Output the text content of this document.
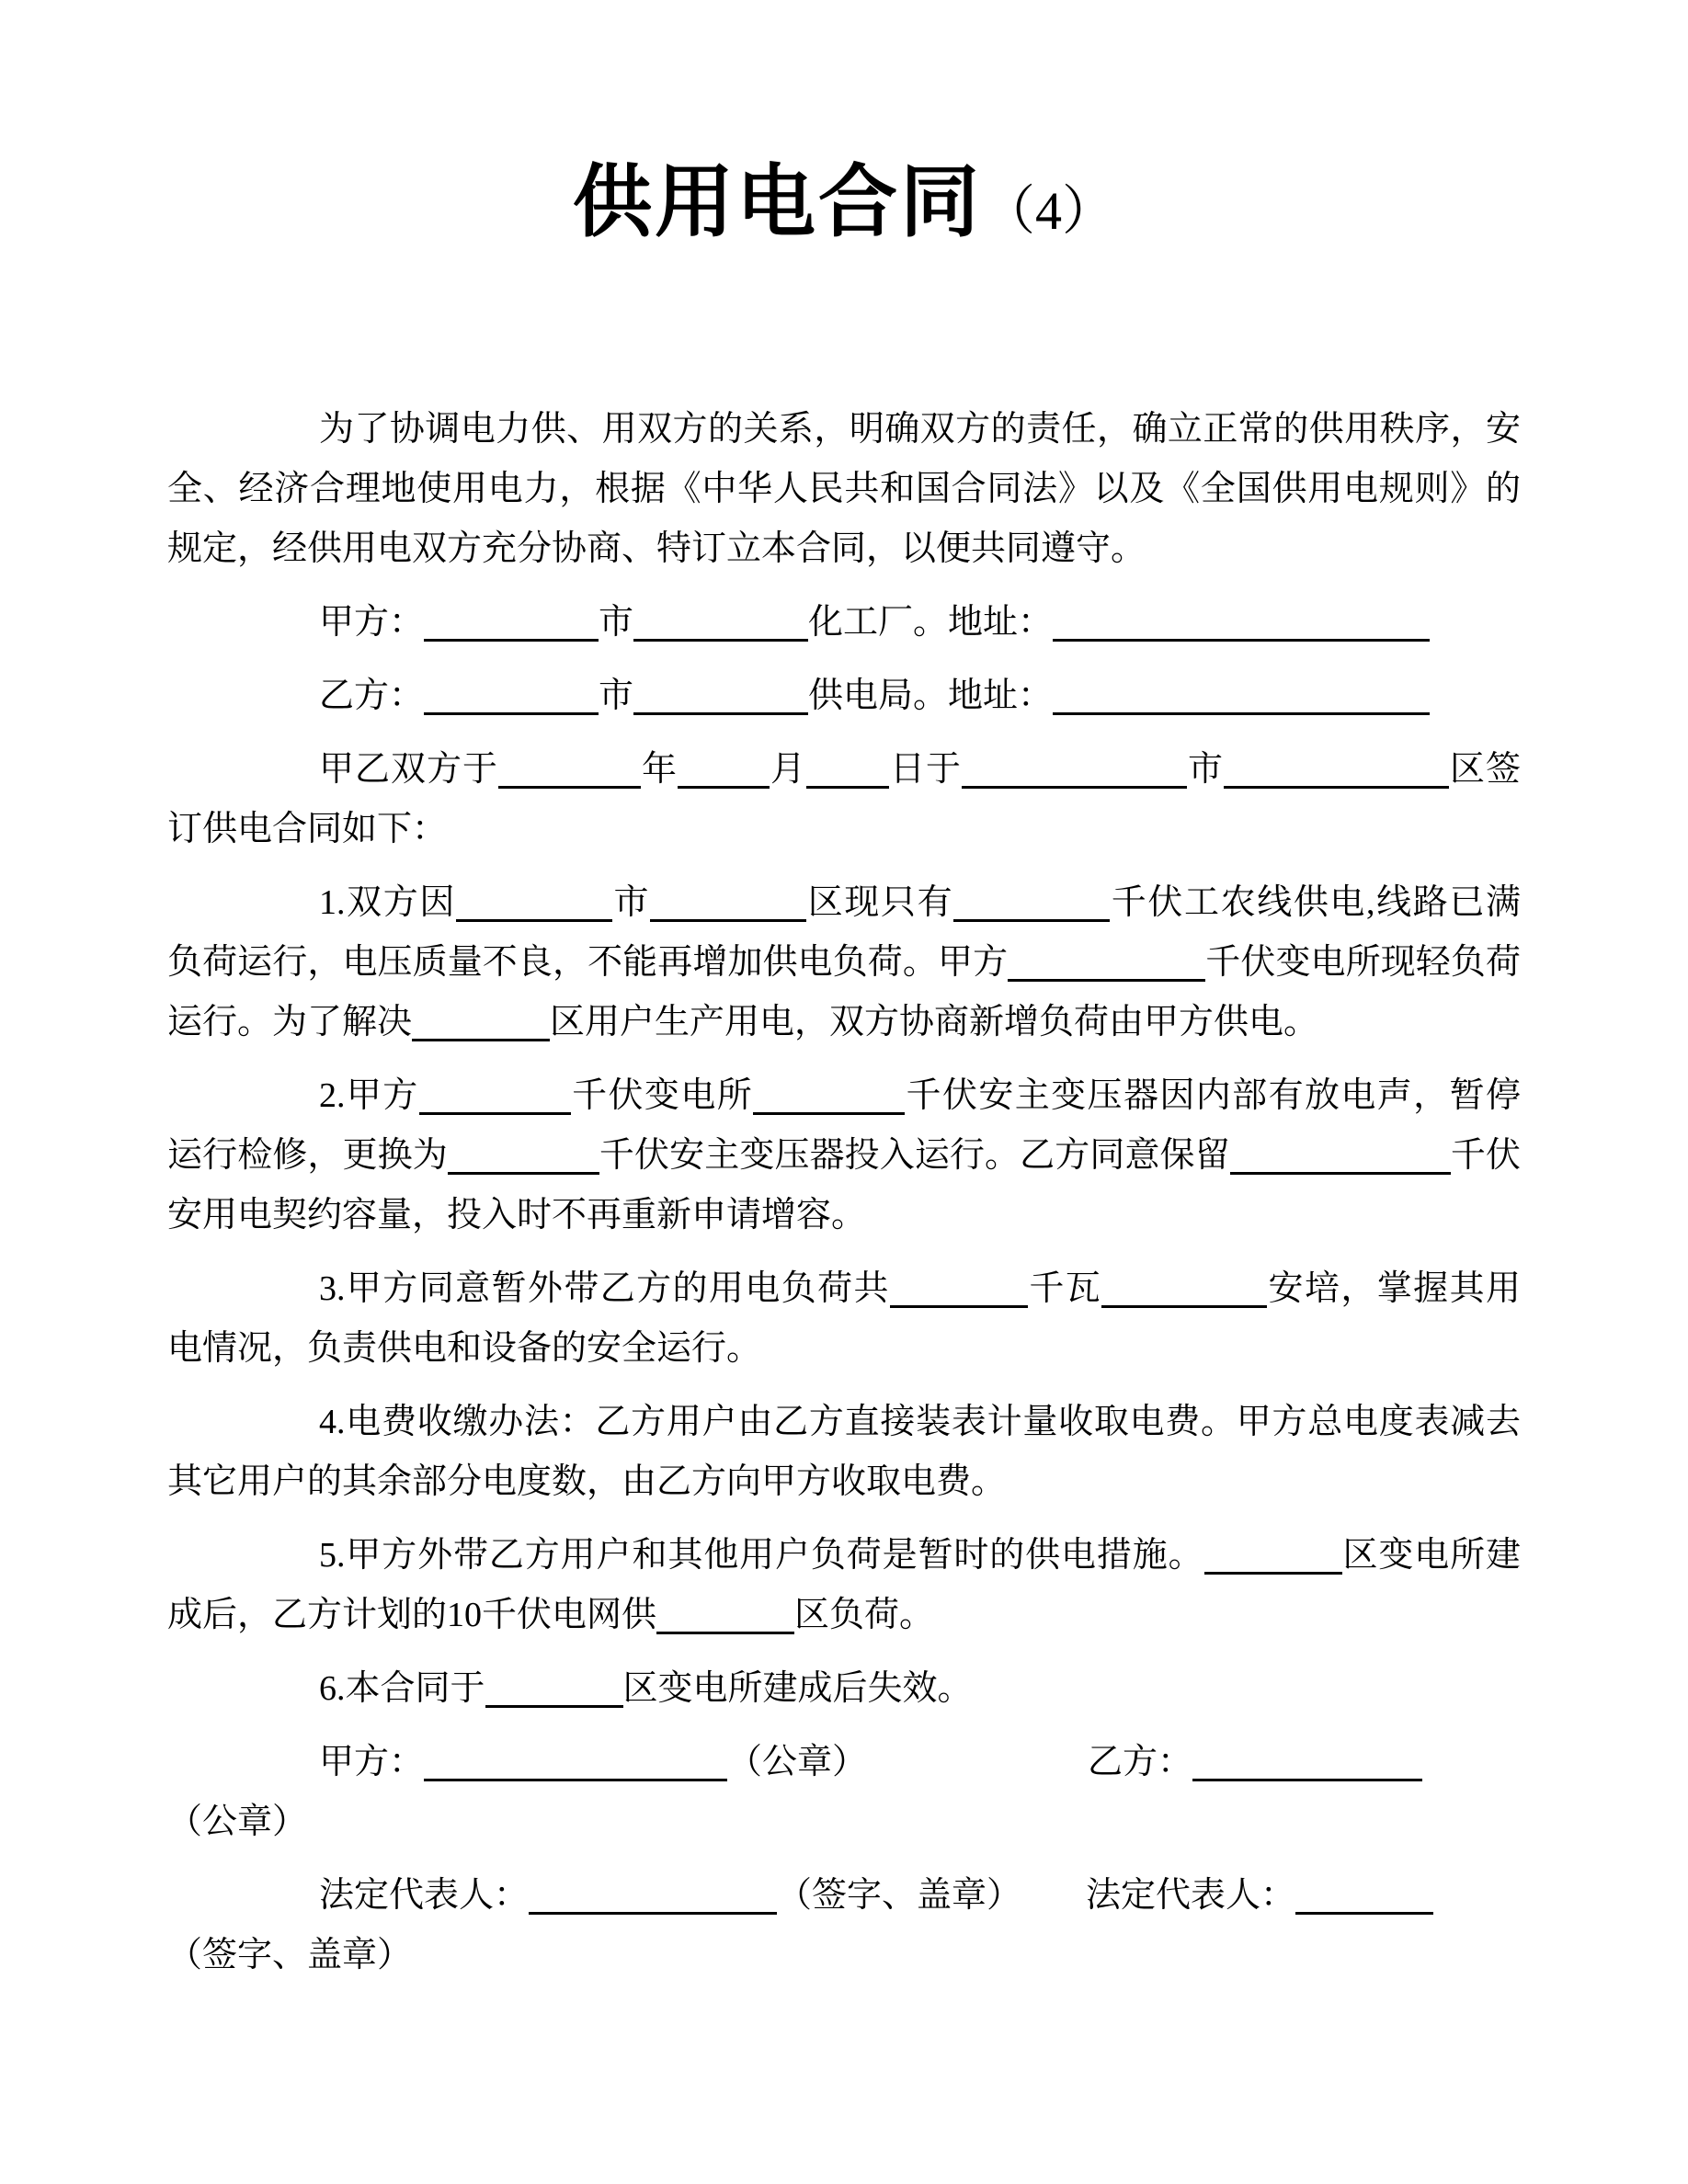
供用电合同（4）

为了协调电力供、用双方的关系，明确双方的责任，确立正常的供用秩序，安全、经济合理地使用电力，根据《中华人民共和国合同法》以及《全国供用电规则》的规定，经供用电双方充分协商、特订立本合同，以便共同遵守。

甲方：	市	化工厂。地址：

乙方：	市	供电局。地址：

甲乙双方于	年	月 日于	市	区签订供电合同如下：

1.双方因	市	区现只有	千伏工农线供电,线路已满负荷运行，电压质量不良，不能再增加供电负荷。甲方	千伏变电所现轻负荷运行。为了解决	区用户生产用电，双方协商新增负荷由甲方供电。

2.甲方	千伏变电所	千伏安主变压器因内部有放电声，暂停运行检修，更换为	千伏安主变压器投入运行。乙方同意保留	千伏安用电契约容量，投入时不再重新申请增容。

3.甲方同意暂外带乙方的用电负荷共	千瓦	安培，掌握其用电情况，负责供电和设备的安全运行。

4.电费收缴办法：乙方用户由乙方直接装表计量收取电费。甲方总电度表减去其它用户的其余部分电度数，由乙方向甲方收取电费。

5.甲方外带乙方用户和其他用户负荷是暂时的供电措施。	区变电所建成后，乙方计划的10千伏电网供	区负荷。

6.本合同于	区变电所建成后失效。

甲方：	（公章）	乙方：

（公章）

法定代表人：	（签字、盖章） 法定代表人：

（签字、盖章）
